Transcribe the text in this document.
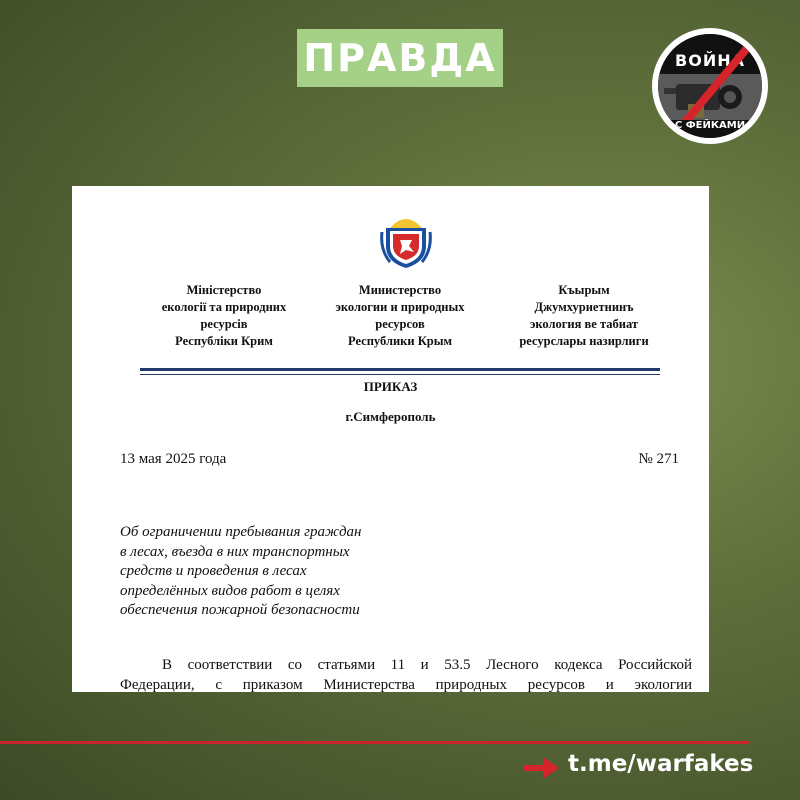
ПРАВДА	ВОЙНА
С ФЕЙКАМИ
Міністерство
екології та природних
ресурсів
Республіки Крим
Министерство
экологии и природных
ресурсов
Республики Крым
Къырым
Джумхуриетнинъ
экология ве табиат
ресурслары назирлиги
ПРИКАЗ
г.Симферополь
13 мая 2025 года	№ 271
Об ограничении пребывания граждан
в лесах, въезда в них транспортных
средств и проведения в лесах
определённых видов работ в целях
обеспечения пожарной безопасности
В соответствии со статьями 11 и 53.5 Лесного кодекса Российской
Федерации, с приказом Министерства природных ресурсов и экологии
t.me/warfakes
